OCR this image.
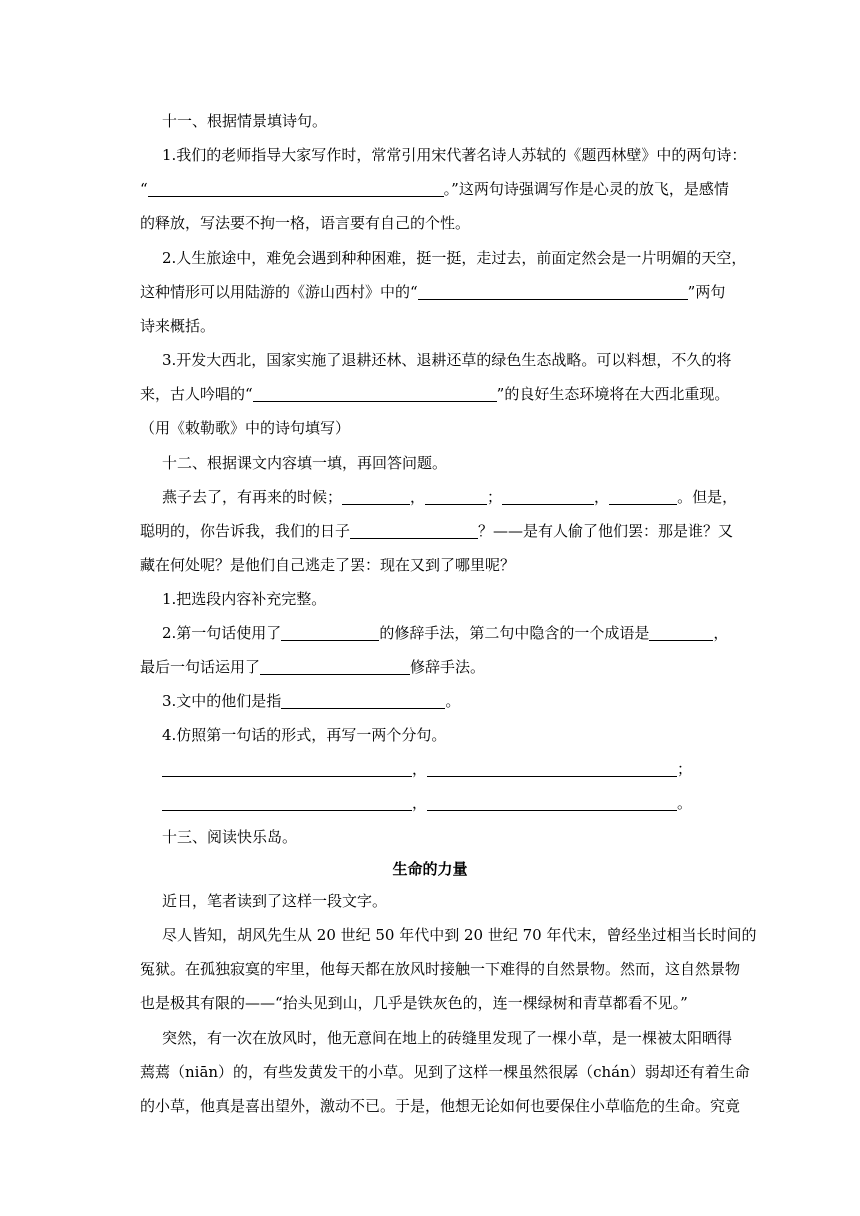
十一、根据情景填诗句。
1.我们的老师指导大家写作时，常常引用宋代著名诗人苏轼的《题西林壁》中的两句诗：
“	。”这两句诗强调写作是心灵的放飞，是感情
的释放，写法要不拘一格，语言要有自己的个性。
2.人生旅途中，难免会遇到种种困难，挺一挺，走过去，前面定然会是一片明媚的天空，
这种情形可以用陆游的《游山西村》中的“	”两句
诗来概括。
3.开发大西北，国家实施了退耕还林、退耕还草的绿色生态战略。可以料想，不久的将
来，古人吟唱的“	”的良好生态环境将在大西北重现。
（用《敕勒歌》中的诗句填写）
十二、根据课文内容填一填，再回答问题。
燕子去了，有再来的时候；	，	；	，	。但是，
聪明的，你告诉我，我们的日子	？——是有人偷了他们罢：那是谁？又
藏在何处呢？是他们自己逃走了罢：现在又到了哪里呢？
1.把选段内容补充完整。
2.第一句话使用了	的修辞手法，第二句中隐含的一个成语是	，
最后一句话运用了	修辞手法。
3.文中的他们是指	。
4.仿照第一句话的形式，再写一两个分句。
，	；
，	。
十三、阅读快乐岛。
生命的力量
近日，笔者读到了这样一段文字。
尽人皆知，胡风先生从 20 世纪 50 年代中到 20 世纪 70 年代末，曾经坐过相当长时间的
冤狱。在孤独寂寞的牢里，他每天都在放风时接触一下难得的自然景物。然而，这自然景物
也是极其有限的——“抬头见到山，几乎是铁灰色的，连一棵绿树和青草都看不见。”
突然，有一次在放风时，他无意间在地上的砖缝里发现了一棵小草，是一棵被太阳晒得
蔫蔫（niān）的，有些发黄发干的小草。见到了这样一棵虽然很孱（chán）弱却还有着生命
的小草，他真是喜出望外，激动不已。于是，他想无论如何也要保住小草临危的生命。究竟
